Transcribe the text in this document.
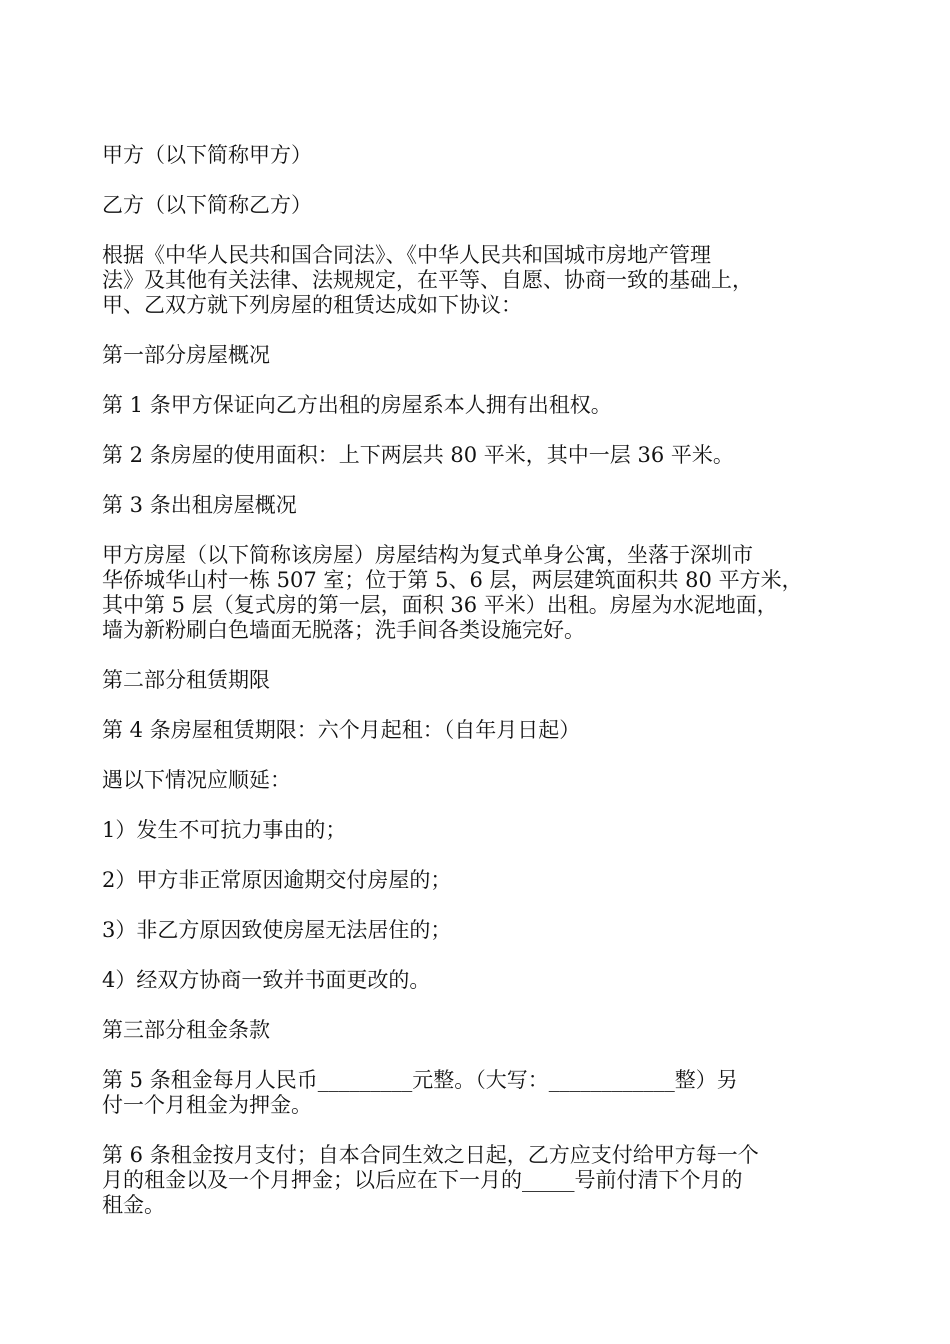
甲方（以下简称甲方）

乙方（以下简称乙方）

根据《中华人民共和国合同法》、《中华人民共和国城市房地产管理
法》及其他有关法律、法规规定，在平等、自愿、协商一致的基础上，
甲、乙双方就下列房屋的租赁达成如下协议：

第一部分房屋概况

第 1 条甲方保证向乙方出租的房屋系本人拥有出租权。

第 2 条房屋的使用面积：上下两层共 80 平米，其中一层 36 平米。

第 3 条出租房屋概况

甲方房屋（以下简称该房屋）房屋结构为复式单身公寓，坐落于深圳市
华侨城华山村一栋 507 室；位于第 5、6 层，两层建筑面积共 80 平方米，
其中第 5 层（复式房的第一层，面积 36 平米）出租。房屋为水泥地面，
墙为新粉刷白色墙面无脱落；洗手间各类设施完好。

第二部分租赁期限

第 4 条房屋租赁期限：六个月起租：（自年月日起）

遇以下情况应顺延：

1）发生不可抗力事由的；

2）甲方非正常原因逾期交付房屋的；

3）非乙方原因致使房屋无法居住的；

4）经双方协商一致并书面更改的。

第三部分租金条款

第 5 条租金每月人民币_________元整。（大写：____________整）另
付一个月租金为押金。

第 6 条租金按月支付；自本合同生效之日起，乙方应支付给甲方每一个
月的租金以及一个月押金；以后应在下一月的_____号前付清下个月的
租金。
